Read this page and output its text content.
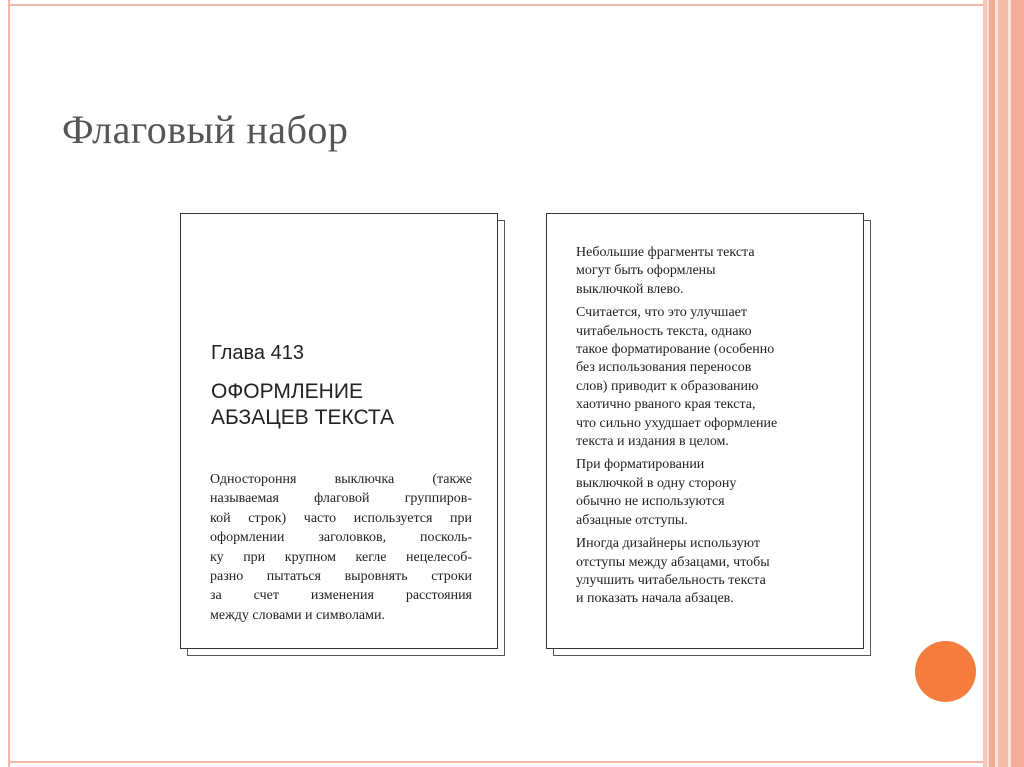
Флаговый набор
Глава 413
ОФОРМЛЕНИЕ
АБЗАЦЕВ ТЕКСТА
Одностороння выключка (также
называемая флаговой группиров-
кой строк) часто используется при
оформлении заголовков, посколь-
ку при крупном кегле нецелесоб-
разно пытаться выровнять строки
за счет изменения расстояния
между словами и символами.
Небольшие фрагменты текста
могут быть оформлены
выключкой влево.
Считается, что это улучшает
читабельность текста, однако
такое форматирование (особенно
без использования переносов
слов) приводит к образованию
хаотично рваного края текста,
что сильно ухудшает оформление
текста и издания в целом.
При форматировании
выключкой в одну сторону
обычно не используются
абзацные отступы.
Иногда дизайнеры используют
отступы между абзацами, чтобы
улучшить читабельность текста
и показать начала абзацев.
